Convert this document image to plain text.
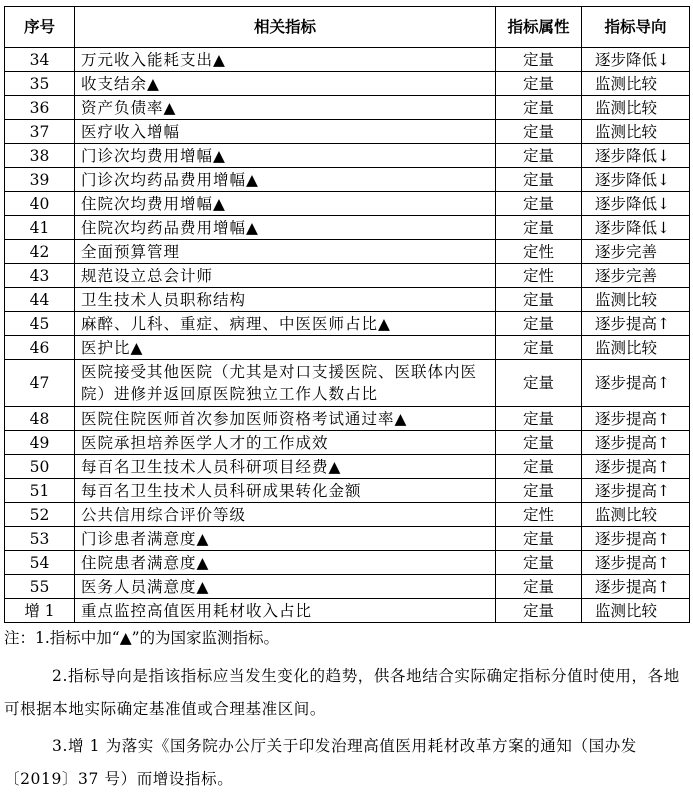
序号	相关指标	指标属性	指标导向
34	万元收入能耗支出▲	定量	逐步降低↓
35	收支结余▲	定量	监测比较
36	资产负债率▲	定量	监测比较
37	医疗收入增幅	定量	监测比较
38	门诊次均费用增幅▲	定量	逐步降低↓
39	门诊次均药品费用增幅▲	定量	逐步降低↓
40	住院次均费用增幅▲	定量	逐步降低↓
41	住院次均药品费用增幅▲	定量	逐步降低↓
42	全面预算管理	定性	逐步完善
43	规范设立总会计师	定性	逐步完善
44	卫生技术人员职称结构	定量	监测比较
45	麻醉、儿科、重症、病理、中医医师占比▲	定量	逐步提高↑
46	医护比▲	定量	监测比较
47	医院接受其他医院（尤其是对口支援医院、医联体内医院）进修并返回原医院独立工作人数占比	定量	逐步提高↑
48	医院住院医师首次参加医师资格考试通过率▲	定量	逐步提高↑
49	医院承担培养医学人才的工作成效	定量	逐步提高↑
50	每百名卫生技术人员科研项目经费▲	定量	逐步提高↑
51	每百名卫生技术人员科研成果转化金额	定量	逐步提高↑
52	公共信用综合评价等级	定性	监测比较
53	门诊患者满意度▲	定量	逐步提高↑
54	住院患者满意度▲	定量	逐步提高↑
55	医务人员满意度▲	定量	逐步提高↑
增 1	重点监控高值医用耗材收入占比	定量	监测比较

注：1.指标中加“▲”的为国家监测指标。

2.指标导向是指该指标应当发生变化的趋势，供各地结合实际确定指标分值时使用，各地可根据本地实际确定基准值或合理基准区间。

3.增 1 为落实《国务院办公厅关于印发治理高值医用耗材改革方案的通知（国办发〔2019〕37 号）而增设指标。
